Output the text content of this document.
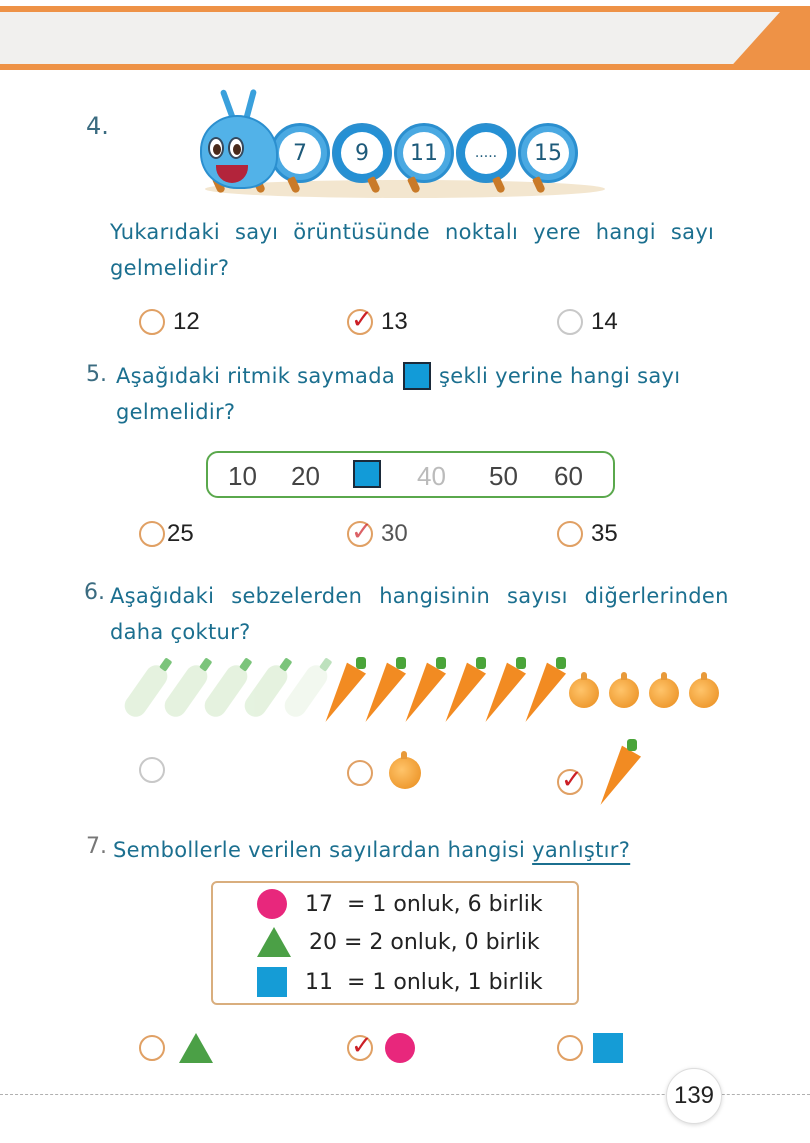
4.
7	9	11	.....	15
Yukarıdaki sayı örüntüsünde noktalı yere hangi sayı
gelmelidir?
12	✓ 13	14
5. Aşağıdaki ritmik saymada şekli yerine hangi sayı
gelmelidir?
10 20	40 50 60
25	✓ 30	35
6. Aşağıdaki sebzelerden hangisinin sayısı diğerlerinden
daha çoktur?
✓
7. Sembollerle verilen sayılardan hangisi yanlıştır?
17  = 1 onluk, 6 birlik
20 = 2 onluk, 0 birlik
11  = 1 onluk, 1 birlik
✓
139
